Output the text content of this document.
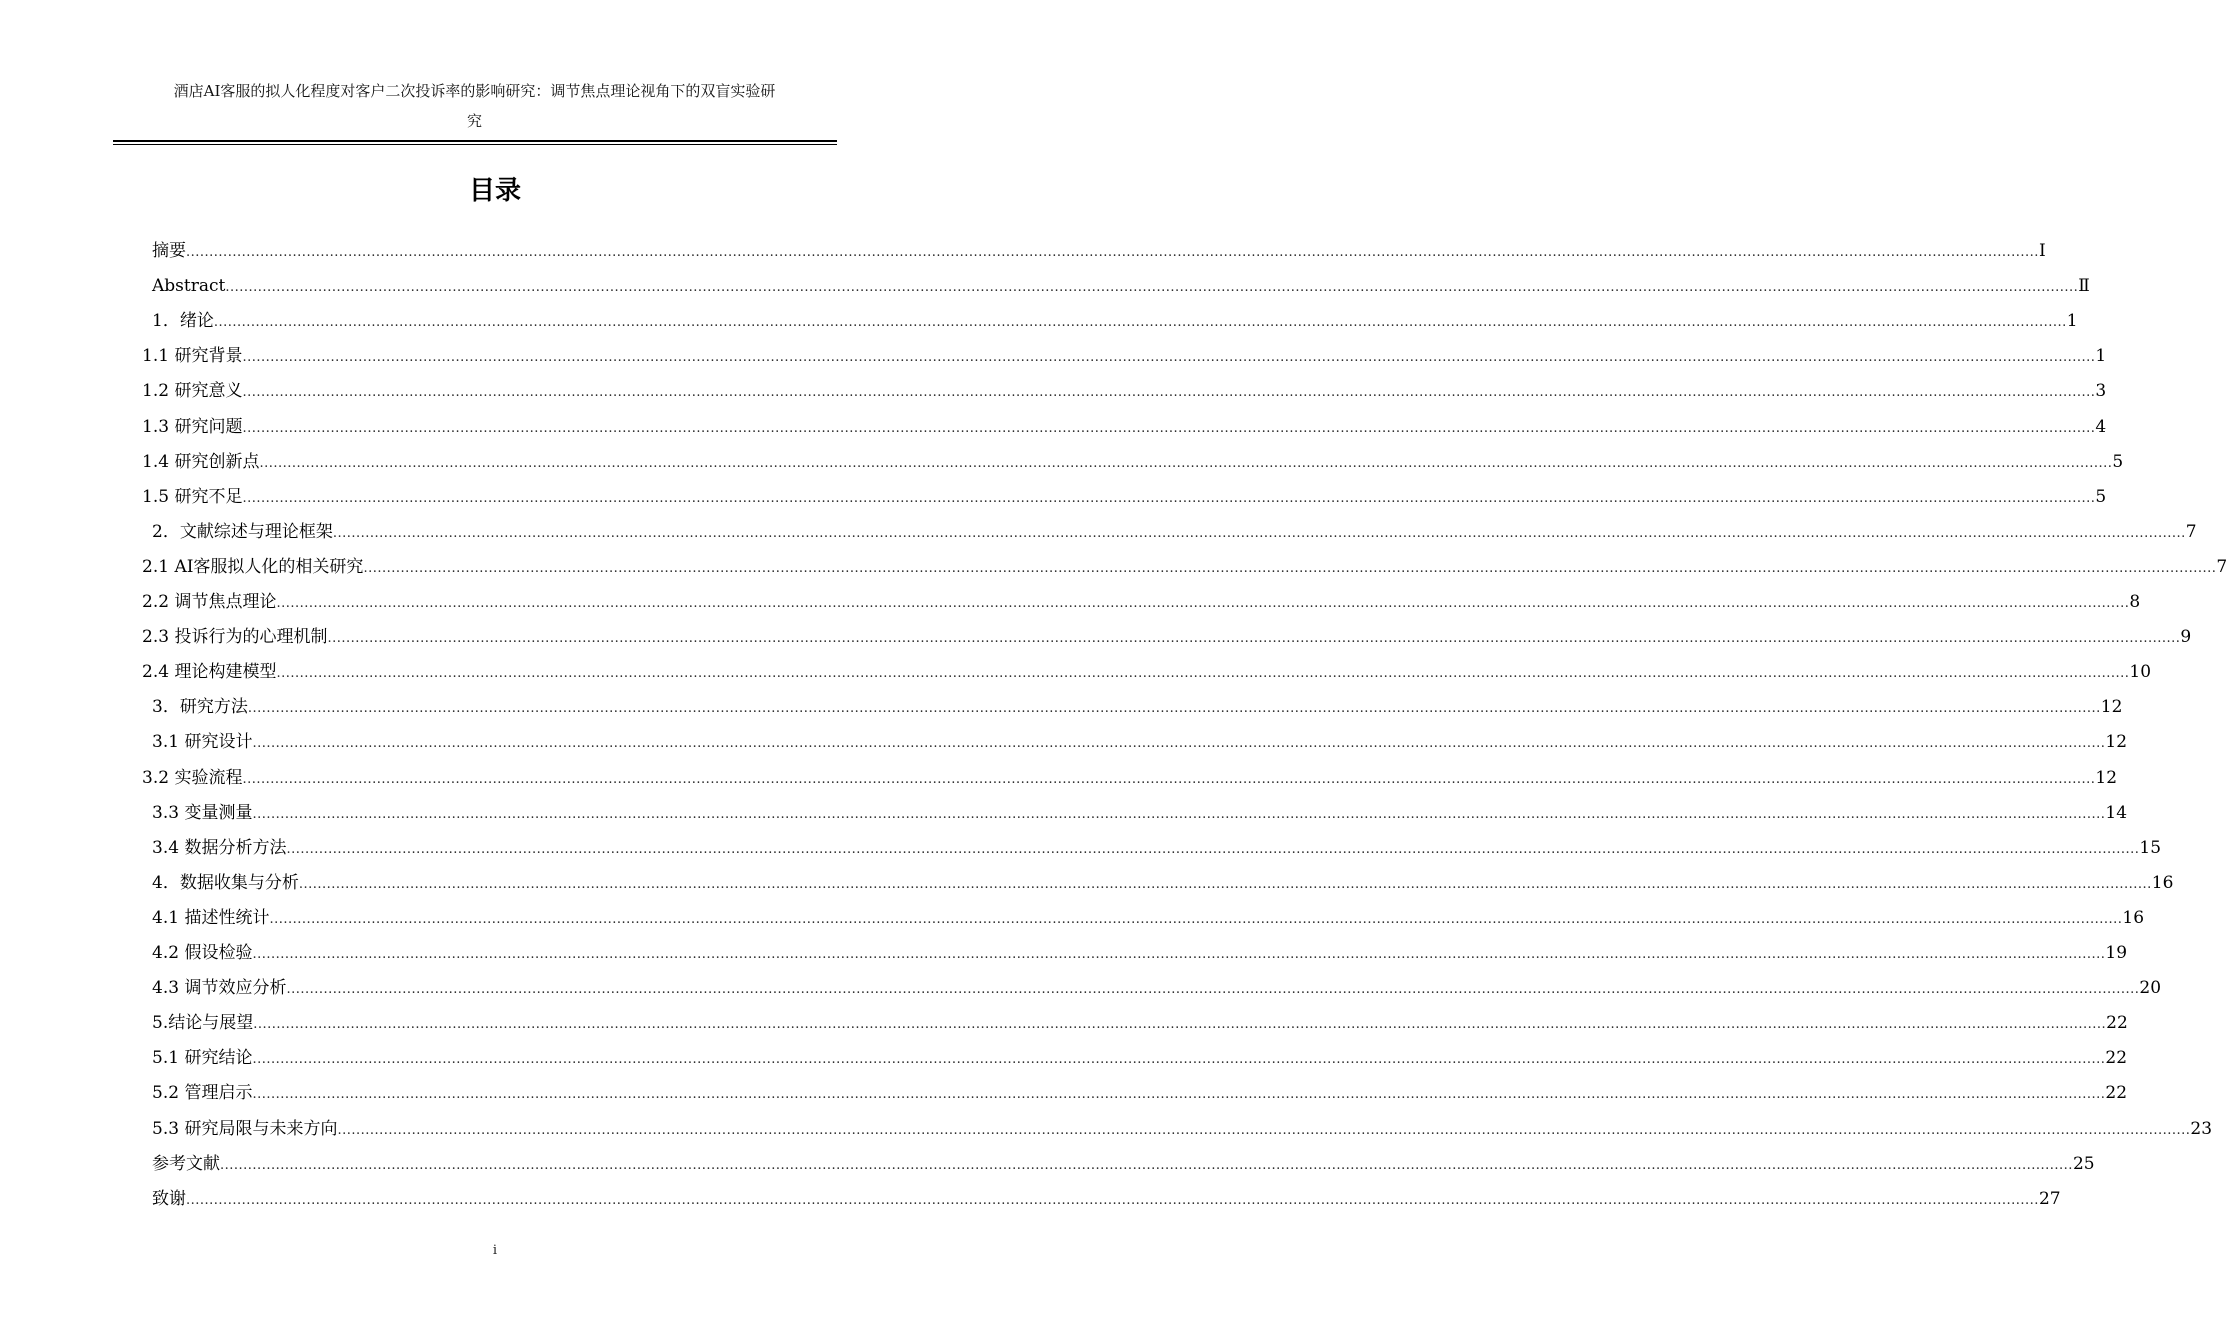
酒店AI客服的拟人化程度对客户二次投诉率的影响研究：调节焦点理论视角下的双盲实验研
究
目录
摘要 ................................................................................................................................................................................................................................................................................................................................................................................................................ Ⅰ
Abstract ................................................................................................................................................................................................................................................................................................................................................................................................................ Ⅱ
1．绪论 ................................................................................................................................................................................................................................................................................................................................................................................................................ 1
1.1 研究背景 ................................................................................................................................................................................................................................................................................................................................................................................................................ 1
1.2 研究意义 ................................................................................................................................................................................................................................................................................................................................................................................................................ 3
1.3 研究问题 ................................................................................................................................................................................................................................................................................................................................................................................................................ 4
1.4 研究创新点 ................................................................................................................................................................................................................................................................................................................................................................................................................ 5
1.5 研究不足 ................................................................................................................................................................................................................................................................................................................................................................................................................ 5
2．文献综述与理论框架 ................................................................................................................................................................................................................................................................................................................................................................................................................ 7
2.1 AI客服拟人化的相关研究 ................................................................................................................................................................................................................................................................................................................................................................................................................ 7
2.2 调节焦点理论 ................................................................................................................................................................................................................................................................................................................................................................................................................ 8
2.3 投诉行为的心理机制 ................................................................................................................................................................................................................................................................................................................................................................................................................ 9
2.4 理论构建模型 ................................................................................................................................................................................................................................................................................................................................................................................................................ 10
3．研究方法 ................................................................................................................................................................................................................................................................................................................................................................................................................ 12
3.1 研究设计 ................................................................................................................................................................................................................................................................................................................................................................................................................ 12
3.2 实验流程 ................................................................................................................................................................................................................................................................................................................................................................................................................ 12
3.3 变量测量 ................................................................................................................................................................................................................................................................................................................................................................................................................ 14
3.4 数据分析方法 ................................................................................................................................................................................................................................................................................................................................................................................................................ 15
4．数据收集与分析 ................................................................................................................................................................................................................................................................................................................................................................................................................ 16
4.1 描述性统计 ................................................................................................................................................................................................................................................................................................................................................................................................................ 16
4.2 假设检验 ................................................................................................................................................................................................................................................................................................................................................................................................................ 19
4.3 调节效应分析 ................................................................................................................................................................................................................................................................................................................................................................................................................ 20
5.结论与展望 ................................................................................................................................................................................................................................................................................................................................................................................................................ 22
5.1 研究结论 ................................................................................................................................................................................................................................................................................................................................................................................................................ 22
5.2 管理启示 ................................................................................................................................................................................................................................................................................................................................................................................................................ 22
5.3 研究局限与未来方向 ................................................................................................................................................................................................................................................................................................................................................................................................................ 23
参考文献 ................................................................................................................................................................................................................................................................................................................................................................................................................ 25
致谢 ................................................................................................................................................................................................................................................................................................................................................................................................................ 27
i
